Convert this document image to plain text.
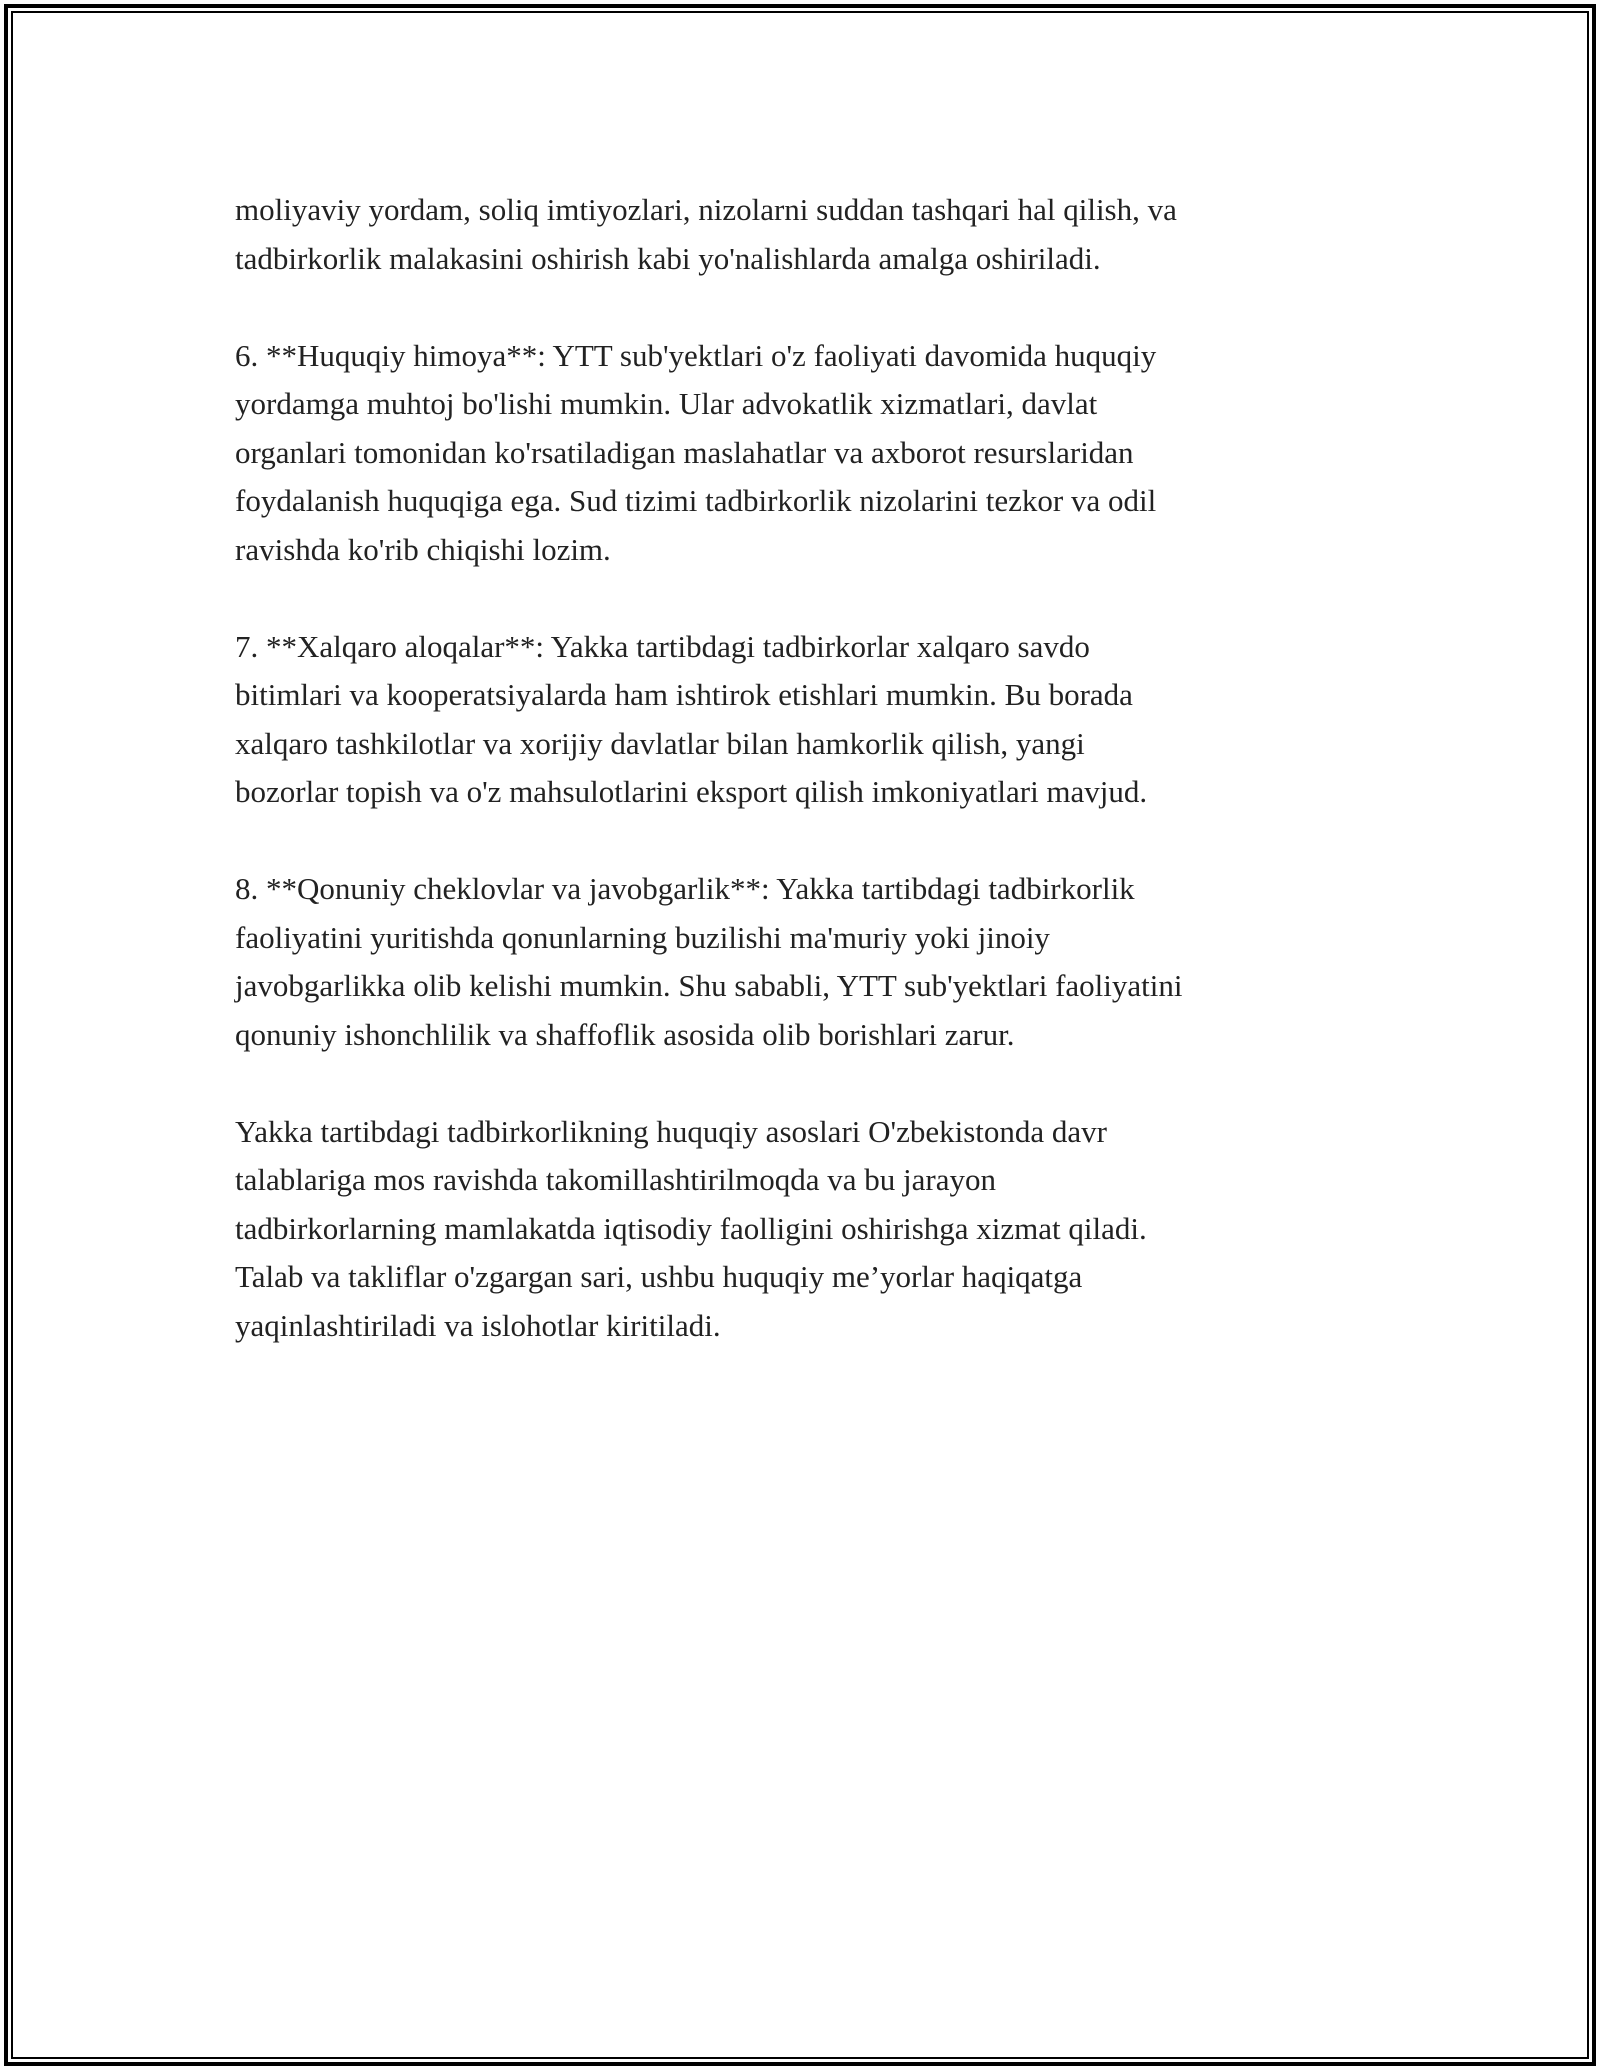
moliyaviy yordam, soliq imtiyozlari, nizolarni suddan tashqari hal qilish, va
tadbirkorlik malakasini oshirish kabi yo'nalishlarda amalga oshiriladi.

6. **Huquqiy himoya**: YTT sub'yektlari o'z faoliyati davomida huquqiy
yordamga muhtoj bo'lishi mumkin. Ular advokatlik xizmatlari, davlat
organlari tomonidan ko'rsatiladigan maslahatlar va axborot resurslaridan
foydalanish huquqiga ega. Sud tizimi tadbirkorlik nizolarini tezkor va odil
ravishda ko'rib chiqishi lozim.

7. **Xalqaro aloqalar**: Yakka tartibdagi tadbirkorlar xalqaro savdo
bitimlari va kooperatsiyalarda ham ishtirok etishlari mumkin. Bu borada
xalqaro tashkilotlar va xorijiy davlatlar bilan hamkorlik qilish, yangi
bozorlar topish va o'z mahsulotlarini eksport qilish imkoniyatlari mavjud.

8. **Qonuniy cheklovlar va javobgarlik**: Yakka tartibdagi tadbirkorlik
faoliyatini yuritishda qonunlarning buzilishi ma'muriy yoki jinoiy
javobgarlikka olib kelishi mumkin. Shu sababli, YTT sub'yektlari faoliyatini
qonuniy ishonchlilik va shaffoflik asosida olib borishlari zarur.

Yakka tartibdagi tadbirkorlikning huquqiy asoslari O'zbekistonda davr
talablariga mos ravishda takomillashtirilmoqda va bu jarayon
tadbirkorlarning mamlakatda iqtisodiy faolligini oshirishga xizmat qiladi.
Talab va takliflar o'zgargan sari, ushbu huquqiy me’yorlar haqiqatga
yaqinlashtiriladi va islohotlar kiritiladi.
